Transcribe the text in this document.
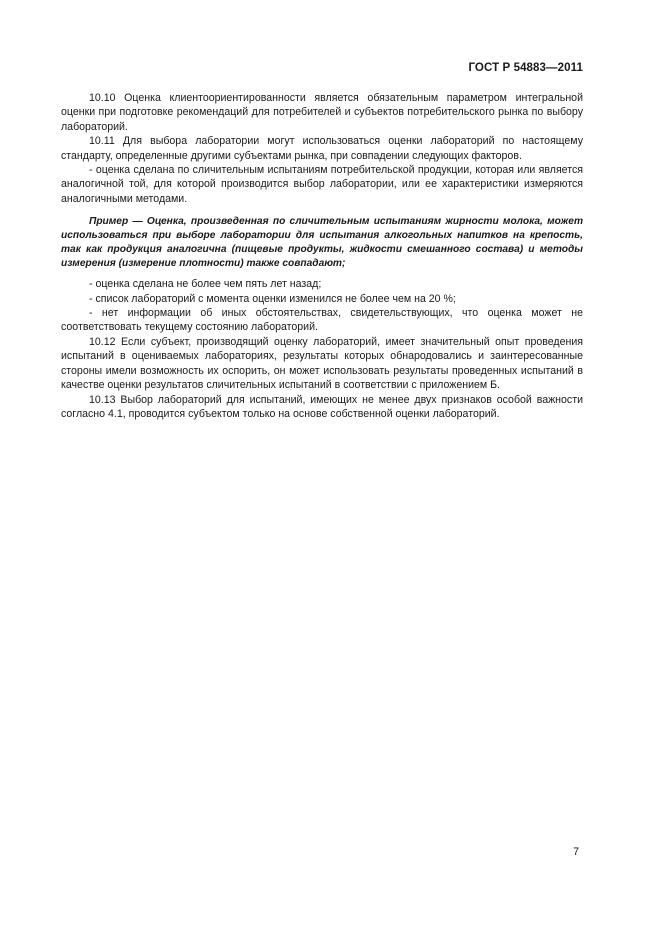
ГОСТ Р 54883—2011

10.10 Оценка клиентоориентированности является обязательным параметром интегральной оценки при подготовке рекомендаций для потребителей и субъектов потребительского рынка по выбору лабораторий.

10.11 Для выбора лаборатории могут использоваться оценки лабораторий по настоящему стандарту, определенные другими субъектами рынка, при совпадении следующих факторов.

- оценка сделана по сличительным испытаниям потребительской продукции, которая или является аналогичной той, для которой производится выбор лаборатории, или ее характеристики измеряются аналогичными методами.

Пример — Оценка, произведенная по сличительным испытаниям жирности молока, может использоваться при выборе лаборатории для испытания алкогольных напитков на крепость, так как продукция аналогична (пищевые продукты, жидкости смешанного состава) и методы измерения (измерение плотности) также совпадают;

- оценка сделана не более чем пять лет назад;

- список лабораторий с момента оценки изменился не более чем на 20 %;

- нет информации об иных обстоятельствах, свидетельствующих, что оценка может не соответствовать текущему состоянию лабораторий.

10.12 Если субъект, производящий оценку лабораторий, имеет значительный опыт проведения испытаний в оцениваемых лабораториях, результаты которых обнародовались и заинтересованные стороны имели возможность их оспорить, он может использовать результаты проведенных испытаний в качестве оценки результатов сличительных испытаний в соответствии с приложением Б.

10.13 Выбор лабораторий для испытаний, имеющих не менее двух признаков особой важности согласно 4.1, проводится субъектом только на основе собственной оценки лабораторий.

7
